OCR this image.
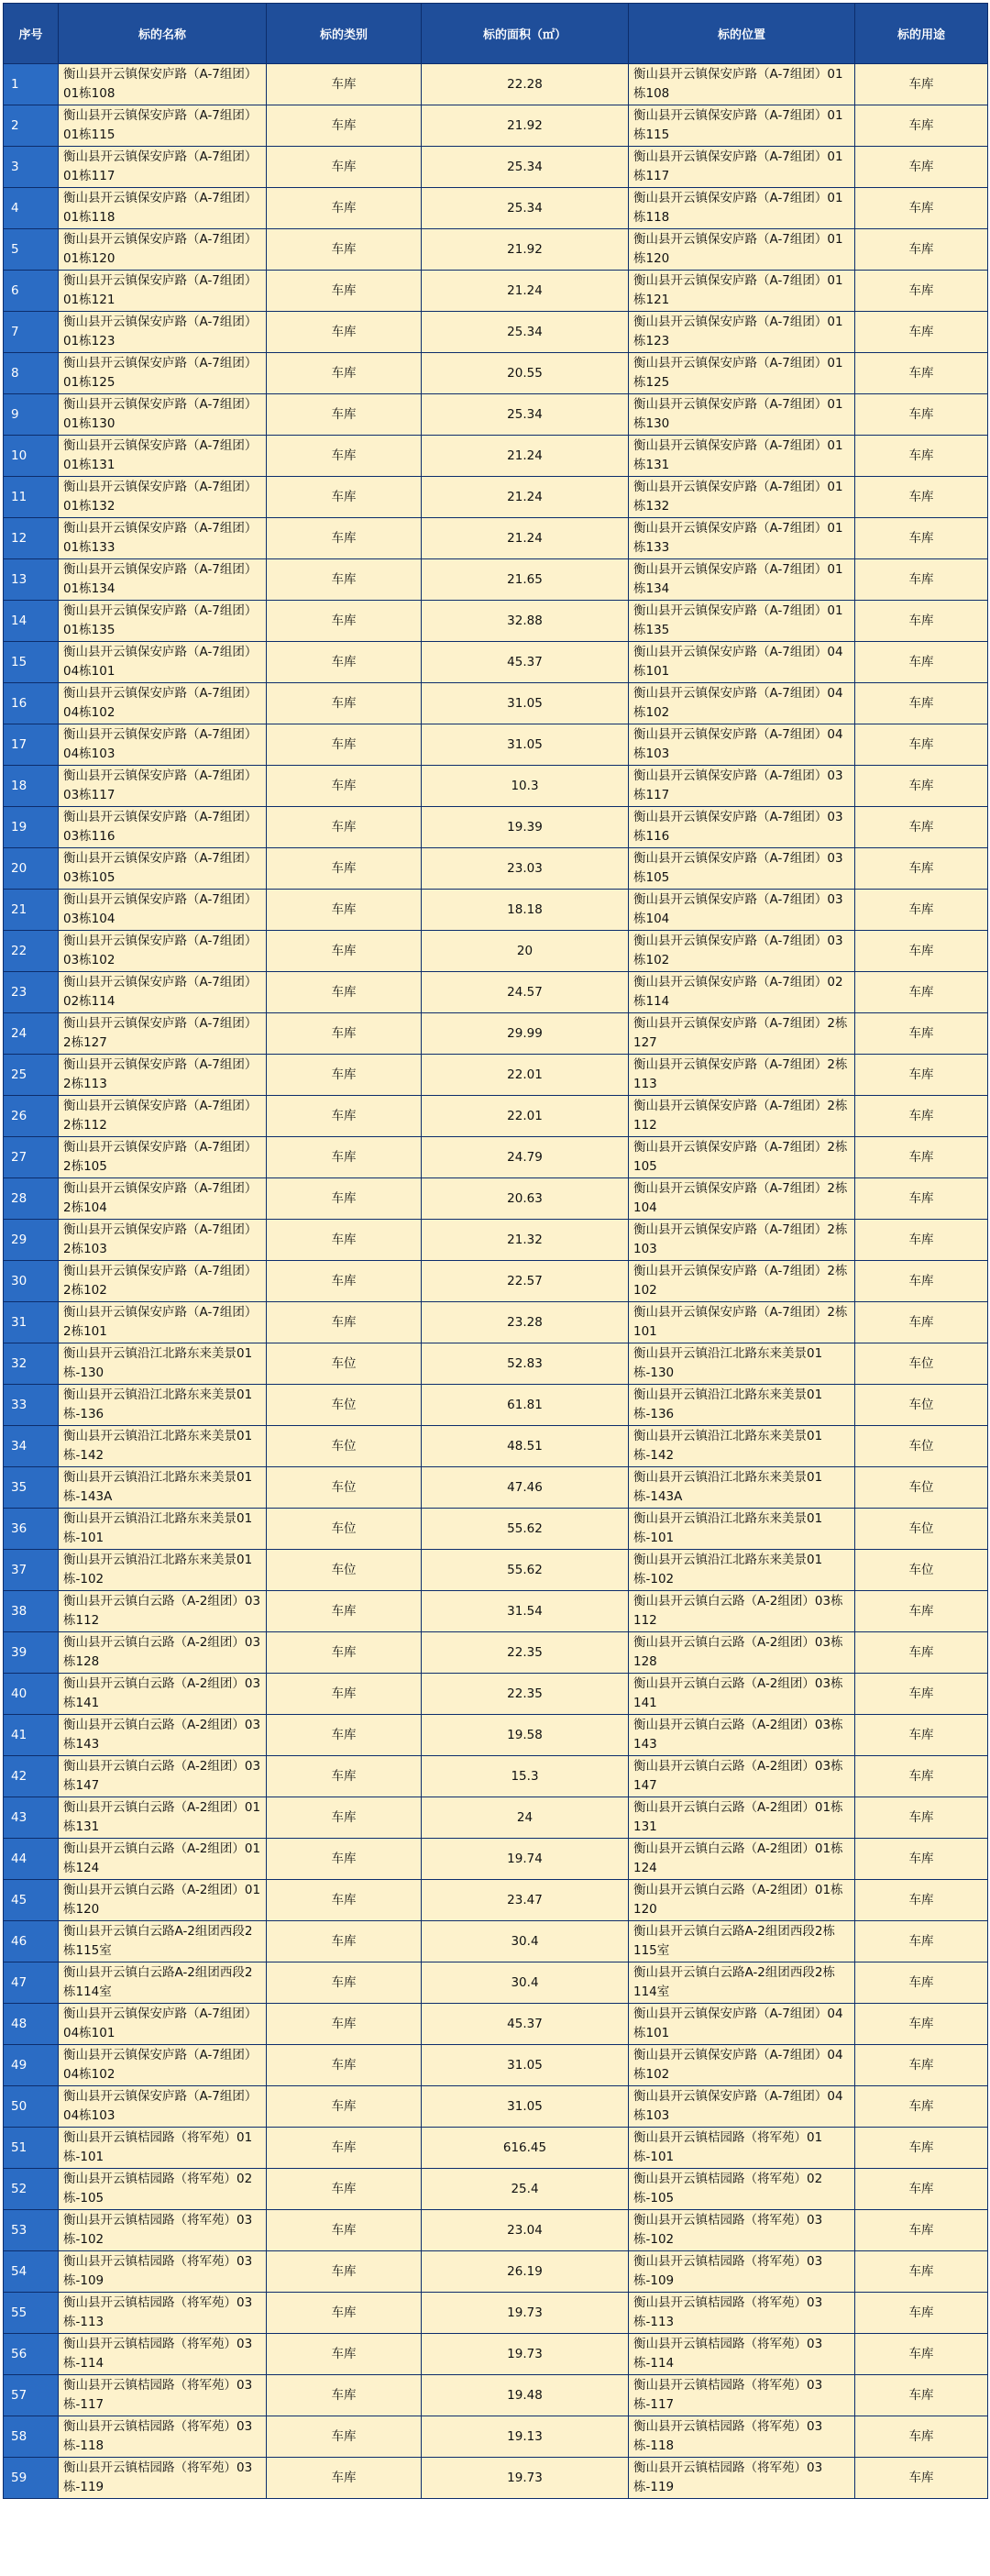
序号	标的名称	标的类别	标的面积（㎡）	标的位置	标的用途
1	衡山县开云镇保安庐路（A-7组团）01栋108	车库	22.28	衡山县开云镇保安庐路（A-7组团）01栋108	车库
2	衡山县开云镇保安庐路（A-7组团）01栋115	车库	21.92	衡山县开云镇保安庐路（A-7组团）01栋115	车库
3	衡山县开云镇保安庐路（A-7组团）01栋117	车库	25.34	衡山县开云镇保安庐路（A-7组团）01栋117	车库
4	衡山县开云镇保安庐路（A-7组团）01栋118	车库	25.34	衡山县开云镇保安庐路（A-7组团）01栋118	车库
5	衡山县开云镇保安庐路（A-7组团）01栋120	车库	21.92	衡山县开云镇保安庐路（A-7组团）01栋120	车库
6	衡山县开云镇保安庐路（A-7组团）01栋121	车库	21.24	衡山县开云镇保安庐路（A-7组团）01栋121	车库
7	衡山县开云镇保安庐路（A-7组团）01栋123	车库	25.34	衡山县开云镇保安庐路（A-7组团）01栋123	车库
8	衡山县开云镇保安庐路（A-7组团）01栋125	车库	20.55	衡山县开云镇保安庐路（A-7组团）01栋125	车库
9	衡山县开云镇保安庐路（A-7组团）01栋130	车库	25.34	衡山县开云镇保安庐路（A-7组团）01栋130	车库
10	衡山县开云镇保安庐路（A-7组团）01栋131	车库	21.24	衡山县开云镇保安庐路（A-7组团）01栋131	车库
11	衡山县开云镇保安庐路（A-7组团）01栋132	车库	21.24	衡山县开云镇保安庐路（A-7组团）01栋132	车库
12	衡山县开云镇保安庐路（A-7组团）01栋133	车库	21.24	衡山县开云镇保安庐路（A-7组团）01栋133	车库
13	衡山县开云镇保安庐路（A-7组团）01栋134	车库	21.65	衡山县开云镇保安庐路（A-7组团）01栋134	车库
14	衡山县开云镇保安庐路（A-7组团）01栋135	车库	32.88	衡山县开云镇保安庐路（A-7组团）01栋135	车库
15	衡山县开云镇保安庐路（A-7组团）04栋101	车库	45.37	衡山县开云镇保安庐路（A-7组团）04栋101	车库
16	衡山县开云镇保安庐路（A-7组团）04栋102	车库	31.05	衡山县开云镇保安庐路（A-7组团）04栋102	车库
17	衡山县开云镇保安庐路（A-7组团）04栋103	车库	31.05	衡山县开云镇保安庐路（A-7组团）04栋103	车库
18	衡山县开云镇保安庐路（A-7组团）03栋117	车库	10.3	衡山县开云镇保安庐路（A-7组团）03栋117	车库
19	衡山县开云镇保安庐路（A-7组团）03栋116	车库	19.39	衡山县开云镇保安庐路（A-7组团）03栋116	车库
20	衡山县开云镇保安庐路（A-7组团）03栋105	车库	23.03	衡山县开云镇保安庐路（A-7组团）03栋105	车库
21	衡山县开云镇保安庐路（A-7组团）03栋104	车库	18.18	衡山县开云镇保安庐路（A-7组团）03栋104	车库
22	衡山县开云镇保安庐路（A-7组团）03栋102	车库	20	衡山县开云镇保安庐路（A-7组团）03栋102	车库
23	衡山县开云镇保安庐路（A-7组团）02栋114	车库	24.57	衡山县开云镇保安庐路（A-7组团）02栋114	车库
24	衡山县开云镇保安庐路（A-7组团）2栋127	车库	29.99	衡山县开云镇保安庐路（A-7组团）2栋127	车库
25	衡山县开云镇保安庐路（A-7组团）2栋113	车库	22.01	衡山县开云镇保安庐路（A-7组团）2栋113	车库
26	衡山县开云镇保安庐路（A-7组团）2栋112	车库	22.01	衡山县开云镇保安庐路（A-7组团）2栋112	车库
27	衡山县开云镇保安庐路（A-7组团）2栋105	车库	24.79	衡山县开云镇保安庐路（A-7组团）2栋105	车库
28	衡山县开云镇保安庐路（A-7组团）2栋104	车库	20.63	衡山县开云镇保安庐路（A-7组团）2栋104	车库
29	衡山县开云镇保安庐路（A-7组团）2栋103	车库	21.32	衡山县开云镇保安庐路（A-7组团）2栋103	车库
30	衡山县开云镇保安庐路（A-7组团）2栋102	车库	22.57	衡山县开云镇保安庐路（A-7组团）2栋102	车库
31	衡山县开云镇保安庐路（A-7组团）2栋101	车库	23.28	衡山县开云镇保安庐路（A-7组团）2栋101	车库
32	衡山县开云镇沿江北路东来美景01栋-130	车位	52.83	衡山县开云镇沿江北路东来美景01栋-130	车位
33	衡山县开云镇沿江北路东来美景01栋-136	车位	61.81	衡山县开云镇沿江北路东来美景01栋-136	车位
34	衡山县开云镇沿江北路东来美景01栋-142	车位	48.51	衡山县开云镇沿江北路东来美景01栋-142	车位
35	衡山县开云镇沿江北路东来美景01栋-143A	车位	47.46	衡山县开云镇沿江北路东来美景01栋-143A	车位
36	衡山县开云镇沿江北路东来美景01栋-101	车位	55.62	衡山县开云镇沿江北路东来美景01栋-101	车位
37	衡山县开云镇沿江北路东来美景01栋-102	车位	55.62	衡山县开云镇沿江北路东来美景01栋-102	车位
38	衡山县开云镇白云路（A-2组团）03栋112	车库	31.54	衡山县开云镇白云路（A-2组团）03栋112	车库
39	衡山县开云镇白云路（A-2组团）03栋128	车库	22.35	衡山县开云镇白云路（A-2组团）03栋128	车库
40	衡山县开云镇白云路（A-2组团）03栋141	车库	22.35	衡山县开云镇白云路（A-2组团）03栋141	车库
41	衡山县开云镇白云路（A-2组团）03栋143	车库	19.58	衡山县开云镇白云路（A-2组团）03栋143	车库
42	衡山县开云镇白云路（A-2组团）03栋147	车库	15.3	衡山县开云镇白云路（A-2组团）03栋147	车库
43	衡山县开云镇白云路（A-2组团）01栋131	车库	24	衡山县开云镇白云路（A-2组团）01栋131	车库
44	衡山县开云镇白云路（A-2组团）01栋124	车库	19.74	衡山县开云镇白云路（A-2组团）01栋124	车库
45	衡山县开云镇白云路（A-2组团）01栋120	车库	23.47	衡山县开云镇白云路（A-2组团）01栋120	车库
46	衡山县开云镇白云路A-2组团西段2栋115室	车库	30.4	衡山县开云镇白云路A-2组团西段2栋115室	车库
47	衡山县开云镇白云路A-2组团西段2栋114室	车库	30.4	衡山县开云镇白云路A-2组团西段2栋114室	车库
48	衡山县开云镇保安庐路（A-7组团）04栋101	车库	45.37	衡山县开云镇保安庐路（A-7组团）04栋101	车库
49	衡山县开云镇保安庐路（A-7组团）04栋102	车库	31.05	衡山县开云镇保安庐路（A-7组团）04栋102	车库
50	衡山县开云镇保安庐路（A-7组团）04栋103	车库	31.05	衡山县开云镇保安庐路（A-7组团）04栋103	车库
51	衡山县开云镇桔园路（将军苑）01栋-101	车库	616.45	衡山县开云镇桔园路（将军苑）01栋-101	车库
52	衡山县开云镇桔园路（将军苑）02栋-105	车库	25.4	衡山县开云镇桔园路（将军苑）02栋-105	车库
53	衡山县开云镇桔园路（将军苑）03栋-102	车库	23.04	衡山县开云镇桔园路（将军苑）03栋-102	车库
54	衡山县开云镇桔园路（将军苑）03栋-109	车库	26.19	衡山县开云镇桔园路（将军苑）03栋-109	车库
55	衡山县开云镇桔园路（将军苑）03栋-113	车库	19.73	衡山县开云镇桔园路（将军苑）03栋-113	车库
56	衡山县开云镇桔园路（将军苑）03栋-114	车库	19.73	衡山县开云镇桔园路（将军苑）03栋-114	车库
57	衡山县开云镇桔园路（将军苑）03栋-117	车库	19.48	衡山县开云镇桔园路（将军苑）03栋-117	车库
58	衡山县开云镇桔园路（将军苑）03栋-118	车库	19.13	衡山县开云镇桔园路（将军苑）03栋-118	车库
59	衡山县开云镇桔园路（将军苑）03栋-119	车库	19.73	衡山县开云镇桔园路（将军苑）03栋-119	车库
